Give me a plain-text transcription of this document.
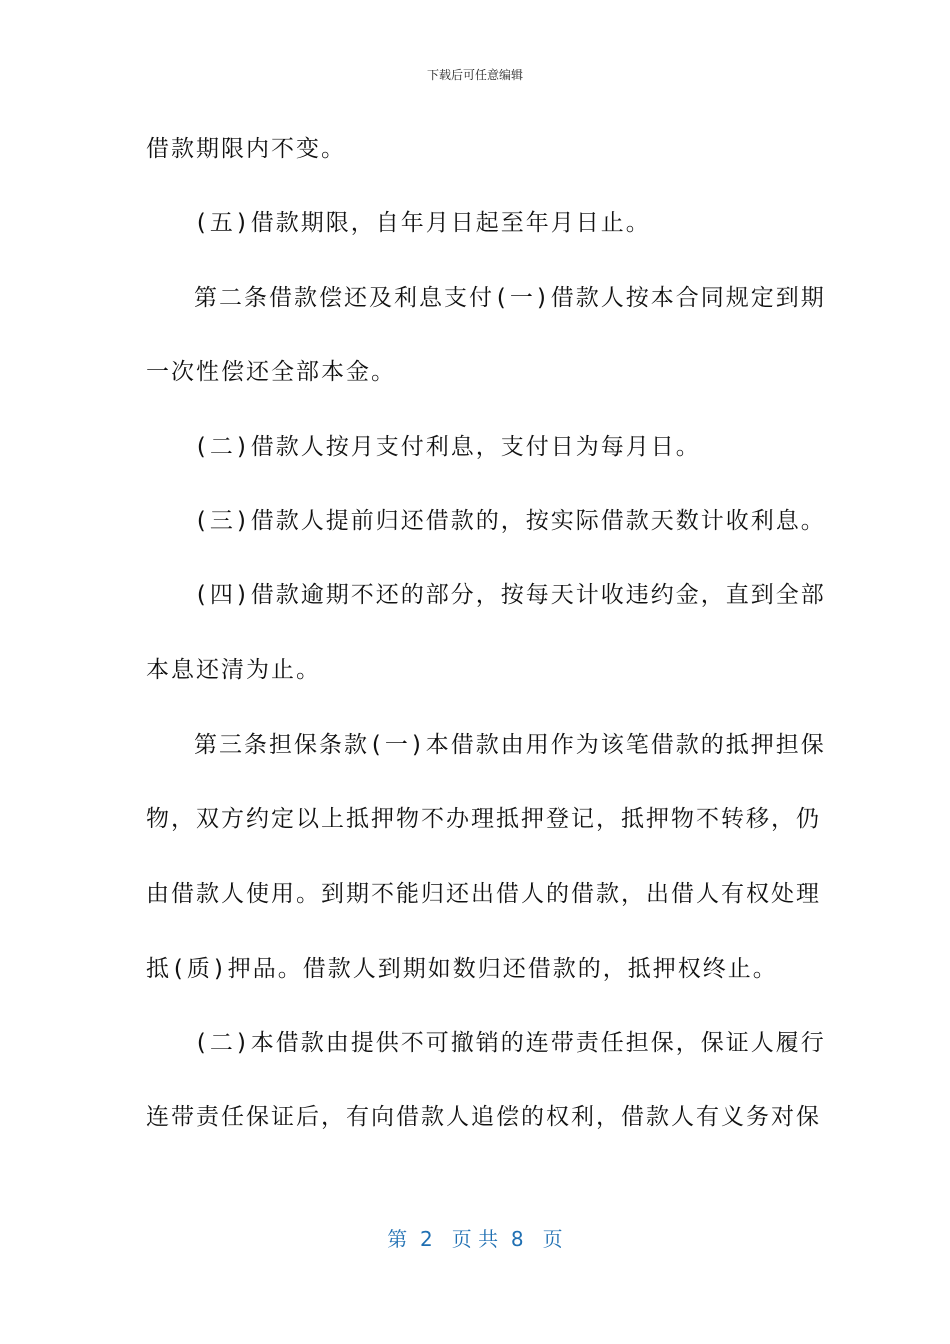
下载后可任意编辑
借款期限内不变。
(五)借款期限，自年月日起至年月日止。
第二条借款偿还及利息支付(一)借款人按本合同规定到期
一次性偿还全部本金。
(二)借款人按月支付利息，支付日为每月日。
(三)借款人提前归还借款的，按实际借款天数计收利息。
(四)借款逾期不还的部分，按每天计收违约金，直到全部
本息还清为止。
第三条担保条款(一)本借款由用作为该笔借款的抵押担保
物，双方约定以上抵押物不办理抵押登记，抵押物不转移，仍
由借款人使用。到期不能归还出借人的借款，出借人有权处理
抵(质)押品。借款人到期如数归还借款的，抵押权终止。
(二)本借款由提供不可撤销的连带责任担保，保证人履行
连带责任保证后，有向借款人追偿的权利，借款人有义务对保
第  2   页 共  8   页
